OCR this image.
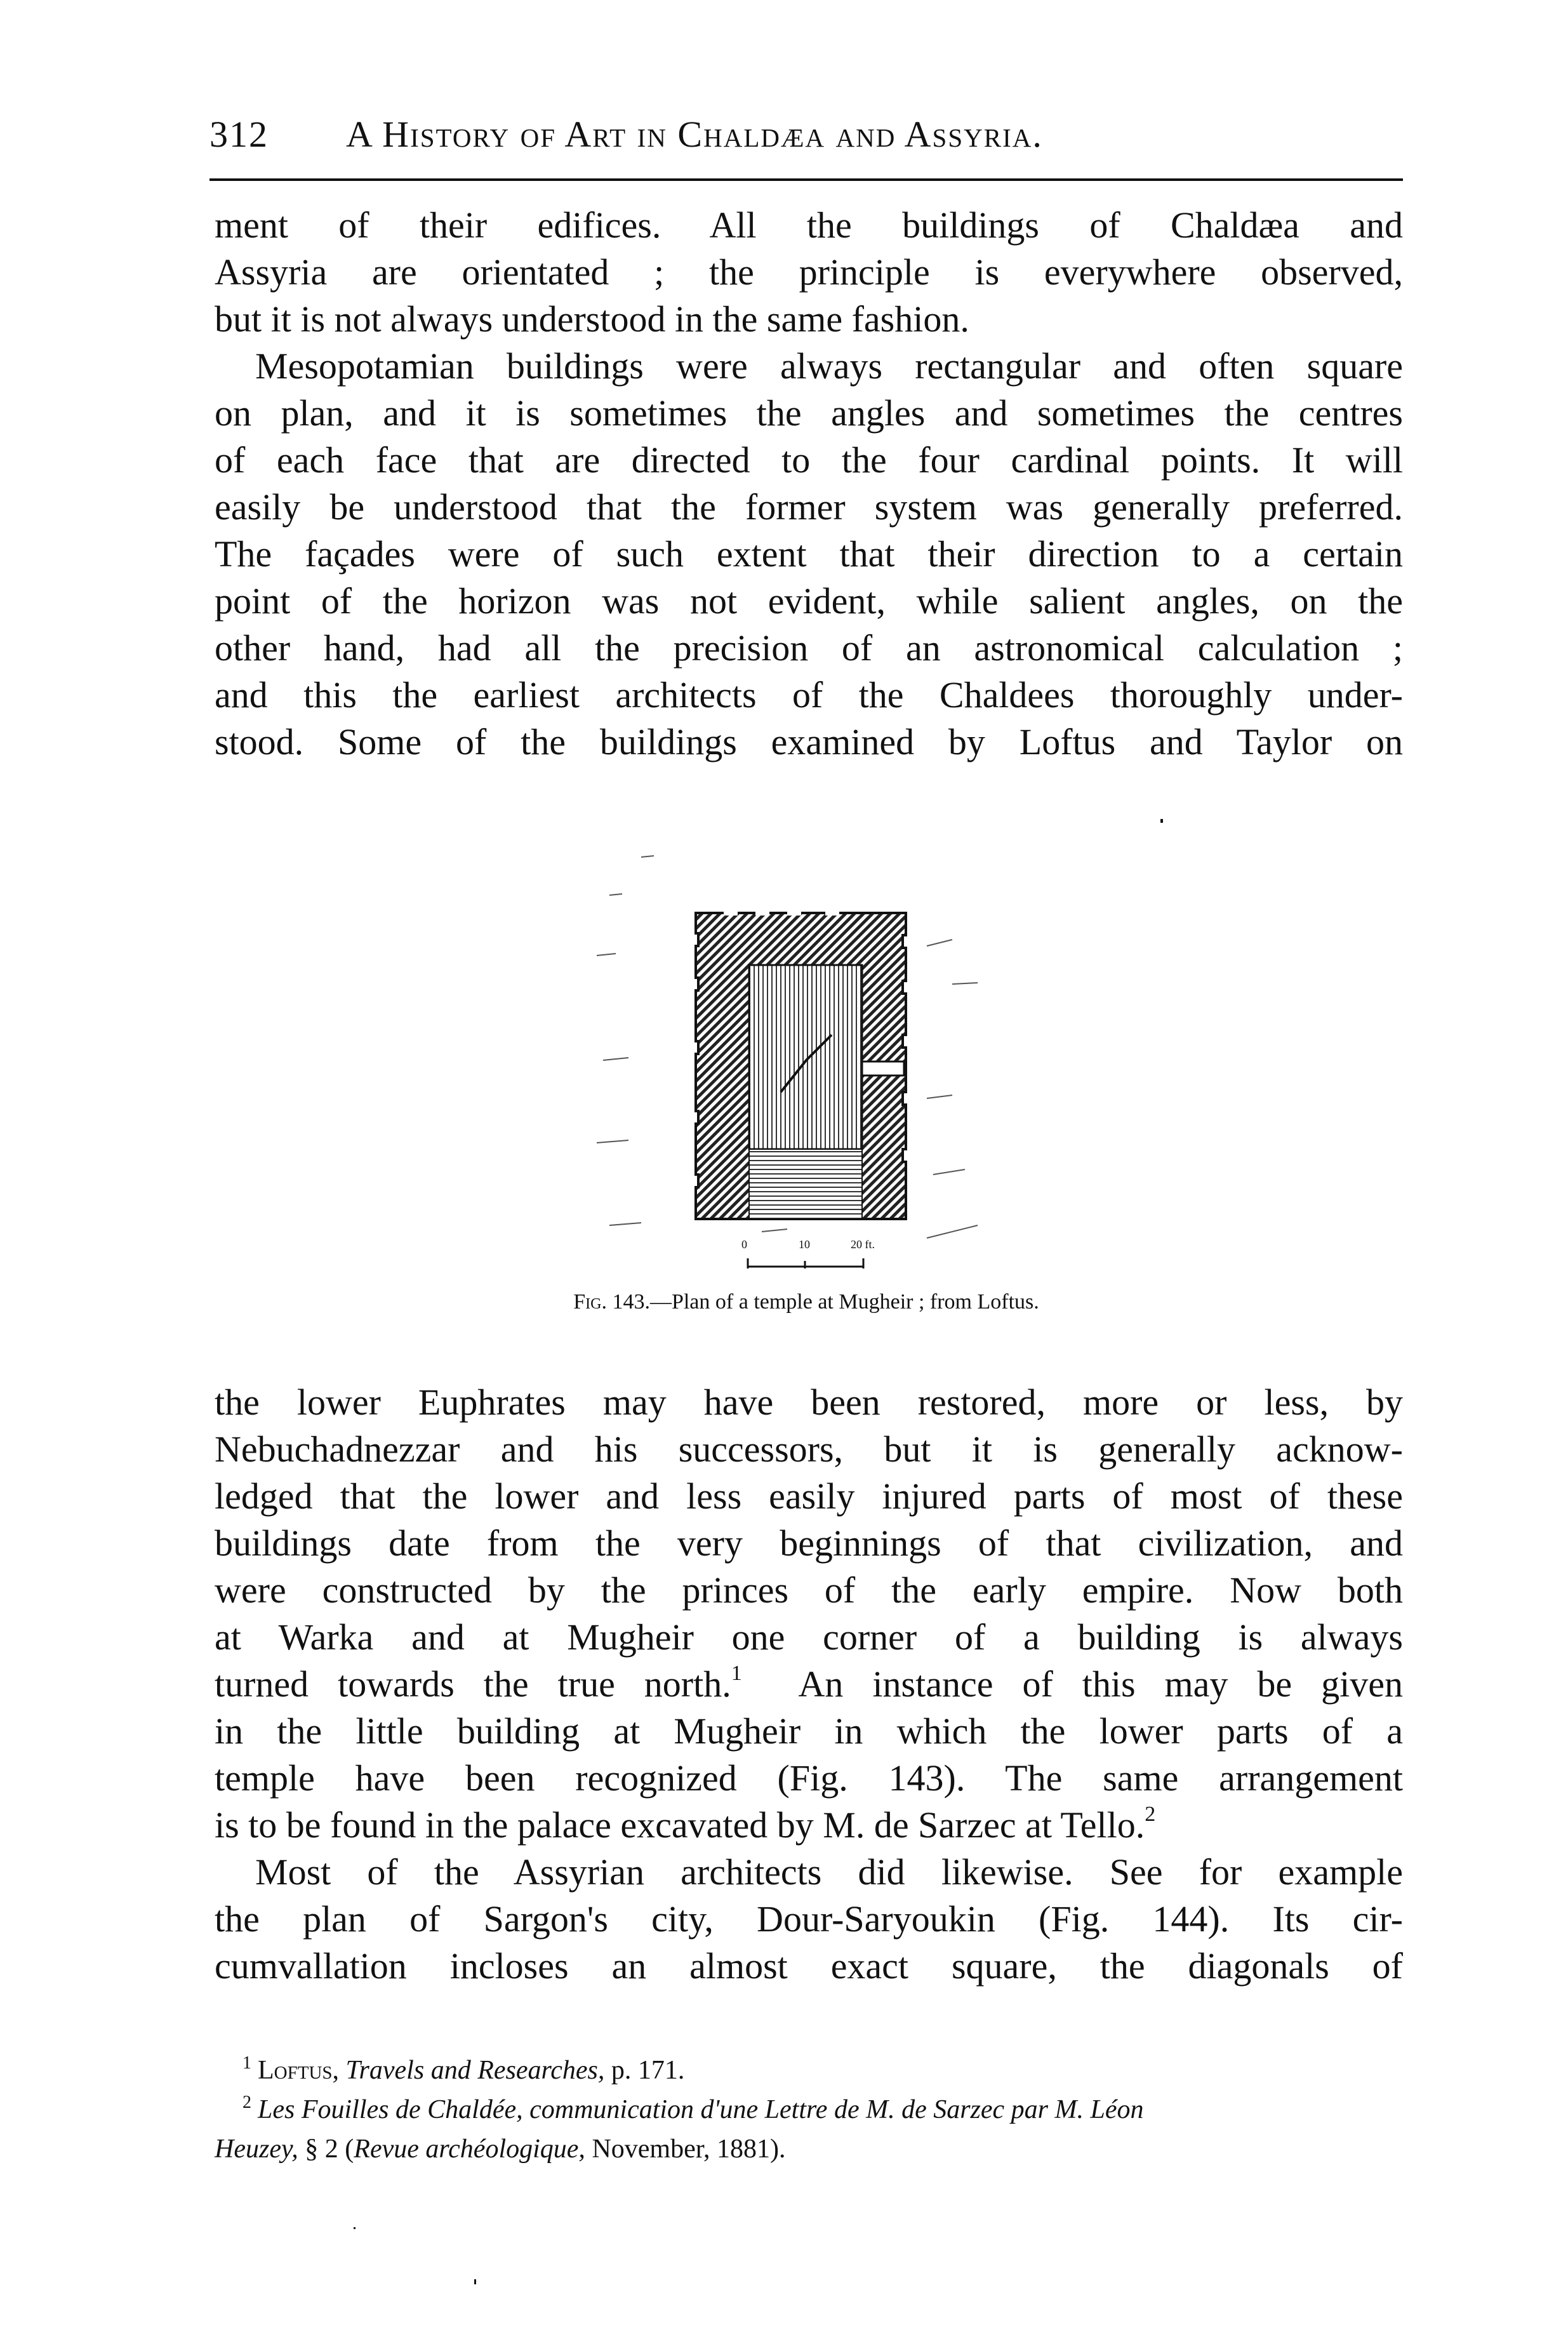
312 A History of Art in Chaldæa and Assyria.

ment of their edifices. All the buildings of Chaldæa and
Assyria are orientated ; the principle is everywhere observed,
but it is not always understood in the same fashion.

Mesopotamian buildings were always rectangular and often square
on plan, and it is sometimes the angles and sometimes the centres
of each face that are directed to the four cardinal points. It will
easily be understood that the former system was generally preferred.
The façades were of such extent that their direction to a certain
point of the horizon was not evident, while salient angles, on the
other hand, had all the precision of an astronomical calculation ;
and this the earliest architects of the Chaldees thoroughly under-
stood. Some of the buildings examined by Loftus and Taylor on

0	10	20 ft.
Fig. 143.—Plan of a temple at Mugheir ; from Loftus.

the lower Euphrates may have been restored, more or less, by
Nebuchadnezzar and his successors, but it is generally acknow-
ledged that the lower and less easily injured parts of most of these
buildings date from the very beginnings of that civilization, and
were constructed by the princes of the early empire. Now both
at Warka and at Mugheir one corner of a building is always
turned towards the true north.$^1$  An instance of this may be given
in the little building at Mugheir in which the lower parts of a
temple have been recognized (Fig. 143). The same arrangement
is to be found in the palace excavated by M. de Sarzec at Tello.$^2$

Most of the Assyrian architects did likewise. See for example
the plan of Sargon's city, Dour-Saryoukin (Fig. 144). Its cir-
cumvallation incloses an almost exact square, the diagonals of

$^1$ Loftus, Travels and Researches, p. 171.
$^2$ Les Fouilles de Chaldée, communication d'une Lettre de M. de Sarzec par M. Léon
Heuzey, § 2 (Revue archéologique, November, 1881).
